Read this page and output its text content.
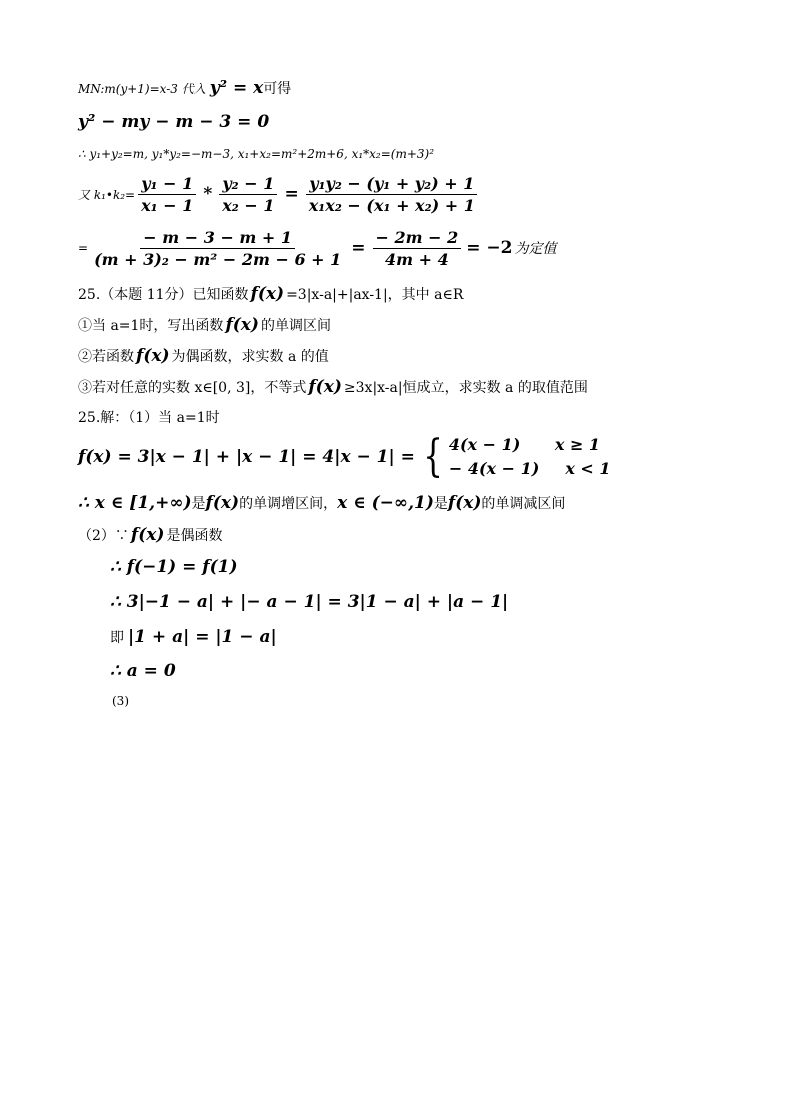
MN:m(y+1)=x-3 代入 y² = x 可得
y² − my − m − 3 = 0
∴ y₁+y₂=m, y₁*y₂=−m−3, x₁+x₂=m²+2m+6, x₁*x₂=(m+3)²
又 k₁•k₂= $\frac{\text{y₁ − 1}}{\text{x₁ − 1}} * \frac{\text{y₂ − 1}}{\text{x₂ − 1}} = \frac{\text{y₁y₂ − (y₁ + y₂) + 1}}{\text{x₁x₂ − (x₁ + x₂) + 1}}$
= $\frac{- m - 3 - m + 1}{\text{(m + 3)₂ − m² − 2m − 6 + 1}} = \frac{- 2m - 2}{4m + 4} = -2$ 为定值
25.（本题 11分）已知函数 f(x) =3|x-a|+|ax-1|，其中 a∈R
①当 a=1时，写出函数 f(x) 的单调区间
②若函数 f(x) 为偶函数，求实数 a 的值
③若对任意的实数 x∈[0, 3]，不等式 f(x) ≥3x|x-a|恒成立，求实数 a 的取值范围
25.解：（1）当 a=1时
f(x) = 3|x − 1| + |x − 1| = 4|x − 1| = { 4(x − 1)	x ≥ 1
− 4(x − 1) x < 1
∴ x ∈ [1,+∞) 是 f(x) 的单调增区间， x ∈ (−∞,1) 是 f(x) 的单调减区间
（2）∵ f(x) 是偶函数
∴ f(−1) = f(1)
∴ 3|−1 − a| + |− a − 1| = 3|1 − a| + |a − 1|
即 |1 + a| = |1 − a|
∴ a = 0
(3)
